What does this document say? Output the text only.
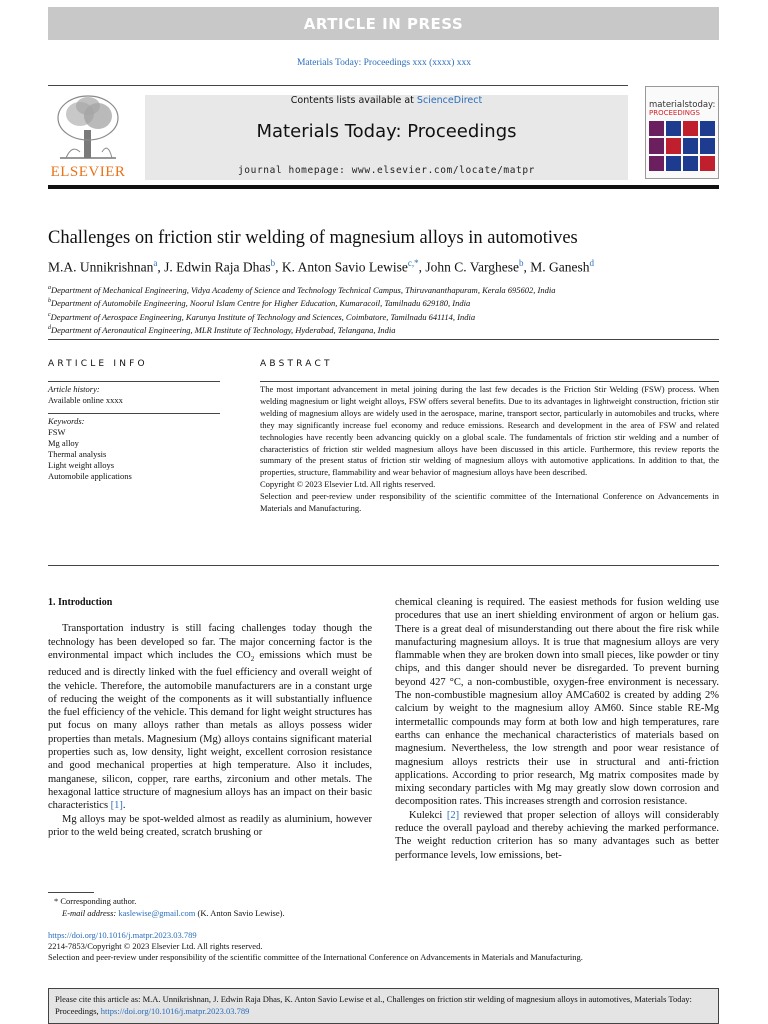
ARTICLE IN PRESS
Materials Today: Proceedings xxx (xxxx) xxx
ELSEVIER
Contents lists available at ScienceDirect
Materials Today: Proceedings
journal homepage: www.elsevier.com/locate/matpr
materialstoday:
PROCEEDINGS
Challenges on friction stir welding of magnesium alloys in automotives
M.A. Unnikrishnan$^a$, J. Edwin Raja Dhas$^b$, K. Anton Savio Lewise$^{c,*}$, John C. Varghese$^b$, M. Ganesh$^d$
$^a$Department of Mechanical Engineering, Vidya Academy of Science and Technology Technical Campus, Thiruvananthapuram, Kerala 695602, India
$^b$Department of Automobile Engineering, Noorul Islam Centre for Higher Education, Kumaracoil, Tamilnadu 629180, India
$^c$Department of Aerospace Engineering, Karunya Institute of Technology and Sciences, Coimbatore, Tamilnadu 641114, India
$^d$Department of Aeronautical Engineering, MLR Institute of Technology, Hyderabad, Telangana, India
ARTICLE INFO	ABSTRACT
Article history:
Available online xxxx
Keywords:
FSW
Mg alloy
Thermal analysis
Light weight alloys
Automobile applications
The most important advancement in metal joining during the last few decades is the Friction Stir Welding (FSW) process. When welding magnesium or light weight alloys, FSW offers several benefits. Due to its advantages in lightweight construction, friction stir welding of magnesium alloys are widely used in the aerospace, marine, transport sector, particularly in automobiles and trucks, where they may significantly increase fuel economy and reduce emissions. Research and development in the area of FSW and related technologies have recently been advancing quickly on a global scale. The fundamentals of friction stir welding and a number of characteristics of friction stir welded magnesium alloys have been discussed in this article. Furthermore, this review reports the summary of the present status of friction stir welding of magnesium alloys with automotive applications. In addition to that, the properties, structure, flammability and wear behavior of magnesium alloys have been described.
Copyright © 2023 Elsevier Ltd. All rights reserved.
Selection and peer-review under responsibility of the scientific committee of the International Conference on Advancements in Materials and Manufacturing.
1. Introduction

Transportation industry is still facing challenges today though the technology has been developed so far. The major concerning factor is the environmental impact which includes the $CO_2$ emissions which must be reduced and is directly linked with the fuel efficiency and overall weight of the vehicle. Therefore, the automobile manufacturers are in a constant urge of reducing the weight of the components as it will substantially influence the fuel efficiency of the vehicle. This demand for light weight structures has put focus on many alloys rather than metals as alloys possess wider properties than metals. Magnesium (Mg) alloys contains significant material properties such as, low density, light weight, excellent corrosion resistance and good mechanical properties at high temperature. Also it includes, manganese, silicon, copper, rare earths, zirconium and other metals. The hexagonal lattice structure of magnesium alloys has an impact on their basic characteristics [1].

Mg alloys may be spot-welded almost as readily as aluminium, however prior to the weld being created, scratch brushing or

chemical cleaning is required. The easiest methods for fusion welding use procedures that use an inert shielding environment of argon or helium gas. There is a great deal of misunderstanding out there about the fire risk while manufacturing magnesium alloys. It is true that magnesium alloys are very flammable when they are broken down into small pieces, like powder or tiny chips, and this danger should never be disregarded. To prevent burning beyond 427 °C, a non-combustible, oxygen-free environment is necessary. The non-combustible magnesium alloy AMCa602 is created by adding 2% calcium by weight to the magnesium alloy AM60. Since stable RE-Mg intermetallic compounds may form at both low and high temperatures, rare earths can enhance the mechanical characteristics of materials based on magnesium. Nevertheless, the low strength and poor wear resistance of magnesium alloys restricts their use in structural and anti-friction applications. According to prior research, Mg matrix composites made by mixing secondary particles with Mg may greatly slow down corrosion and decomposition rates. This increases strength and corrosion resistance.

Kulekci [2] reviewed that proper selection of alloys will considerably reduce the overall payload and thereby achieving the marked performance. The weight reduction criterion has so many advantages such as better performance levels, low emissions, bet-

* Corresponding author.
E-mail address: kaslewise@gmail.com (K. Anton Savio Lewise).
https://doi.org/10.1016/j.matpr.2023.03.789
2214-7853/Copyright © 2023 Elsevier Ltd. All rights reserved.
Selection and peer-review under responsibility of the scientific committee of the International Conference on Advancements in Materials and Manufacturing.
Please cite this article as: M.A. Unnikrishnan, J. Edwin Raja Dhas, K. Anton Savio Lewise et al., Challenges on friction stir welding of magnesium alloys in automotives, Materials Today: Proceedings, https://doi.org/10.1016/j.matpr.2023.03.789
